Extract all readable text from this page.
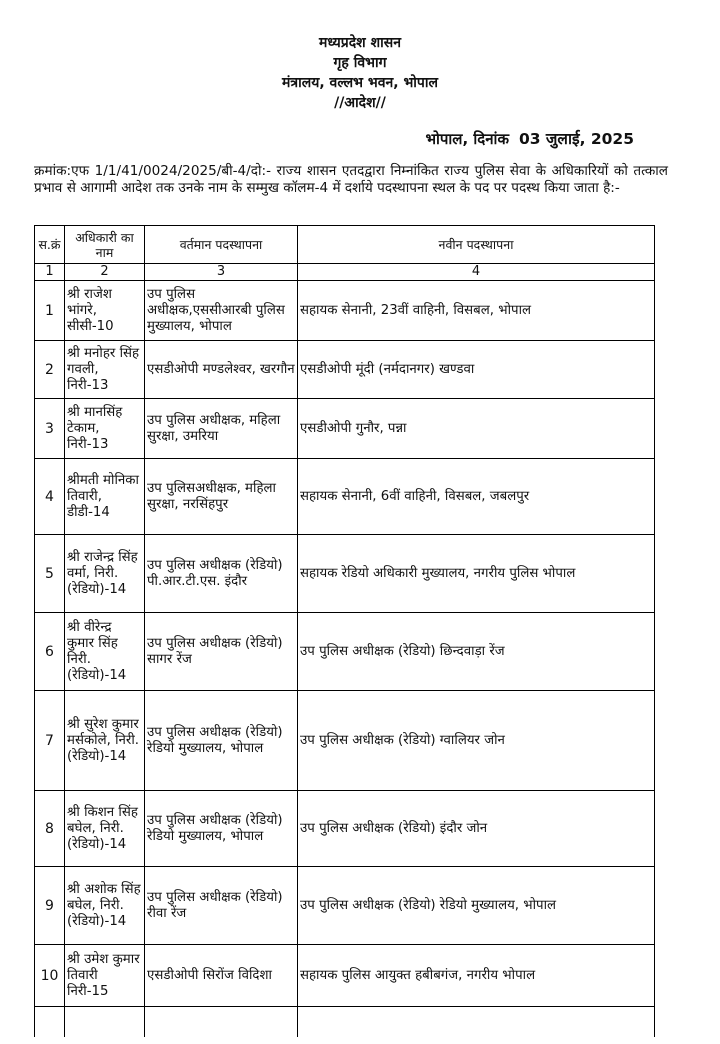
मध्यप्रदेश शासन
गृह विभाग
मंत्रालय, वल्लभ भवन, भोपाल
//आदेश//
भोपाल, दिनांक 03 जुलाई, 2025
क्रमांक:एफ 1/1/41/0024/2025/बी-4/दो:- राज्य शासन एतदद्वारा निम्नांकित राज्य पुलिस सेवा के अधिकारियों को तत्काल प्रभाव से आगामी आदेश तक उनके नाम के सम्मुख कॉलम-4 में दर्शाये पदस्थापना स्थल के पद पर पदस्थ किया जाता है:-
स.क्रं	अधिकारी का नाम	वर्तमान पदस्थापना	नवीन पदस्थापना
1	2	3	4
1	श्री राजेश भांगरे, सीसी-10	उप पुलिस अधीक्षक,एससीआरबी पुलिस मुख्यालय, भोपाल	सहायक सेनानी, 23वीं वाहिनी, विसबल, भोपाल
2	श्री मनोहर सिंह गवली, निरी-13	एसडीओपी मण्डलेश्वर, खरगौन	एसडीओपी मूंदी (नर्मदानगर) खण्डवा
3	श्री मानसिंह टेकाम, निरी-13	उप पुलिस अधीक्षक, महिला सुरक्षा, उमरिया	एसडीओपी गुनौर, पन्ना
4	श्रीमती मोनिका तिवारी, डीडी-14	उप पुलिसअधीक्षक, महिला सुरक्षा, नरसिंहपुर	सहायक सेनानी, 6वीं वाहिनी, विसबल, जबलपुर
5	श्री राजेन्द्र सिंह वर्मा, निरी. (रेडियो)-14	उप पुलिस अधीक्षक (रेडियो) पी.आर.टी.एस. इंदौर	सहायक रेडियो अधिकारी मुख्यालय, नगरीय पुलिस भोपाल
6	श्री वीरेन्द्र कुमार सिंह निरी. (रेडियो)-14	उप पुलिस अधीक्षक (रेडियो) सागर रेंज	उप पुलिस अधीक्षक (रेडियो) छिन्दवाड़ा रेंज
7	श्री सुरेश कुमार मर्सकोले, निरी. (रेडियो)-14	उप पुलिस अधीक्षक (रेडियो) रेडियो मुख्यालय, भोपाल	उप पुलिस अधीक्षक (रेडियो) ग्वालियर जोन
8	श्री किशन सिंह बघेल, निरी. (रेडियो)-14	उप पुलिस अधीक्षक (रेडियो) रेडियो मुख्यालय, भोपाल	उप पुलिस अधीक्षक (रेडियो) इंदौर जोन
9	श्री अशोक सिंह बघेल, निरी. (रेडियो)-14	उप पुलिस अधीक्षक (रेडियो) रीवा रेंज	उप पुलिस अधीक्षक (रेडियो) रेडियो मुख्यालय, भोपाल
10	श्री उमेश कुमार तिवारी निरी-15	एसडीओपी सिरोंज विदिशा	सहायक पुलिस आयुक्त हबीबगंज, नगरीय भोपाल
